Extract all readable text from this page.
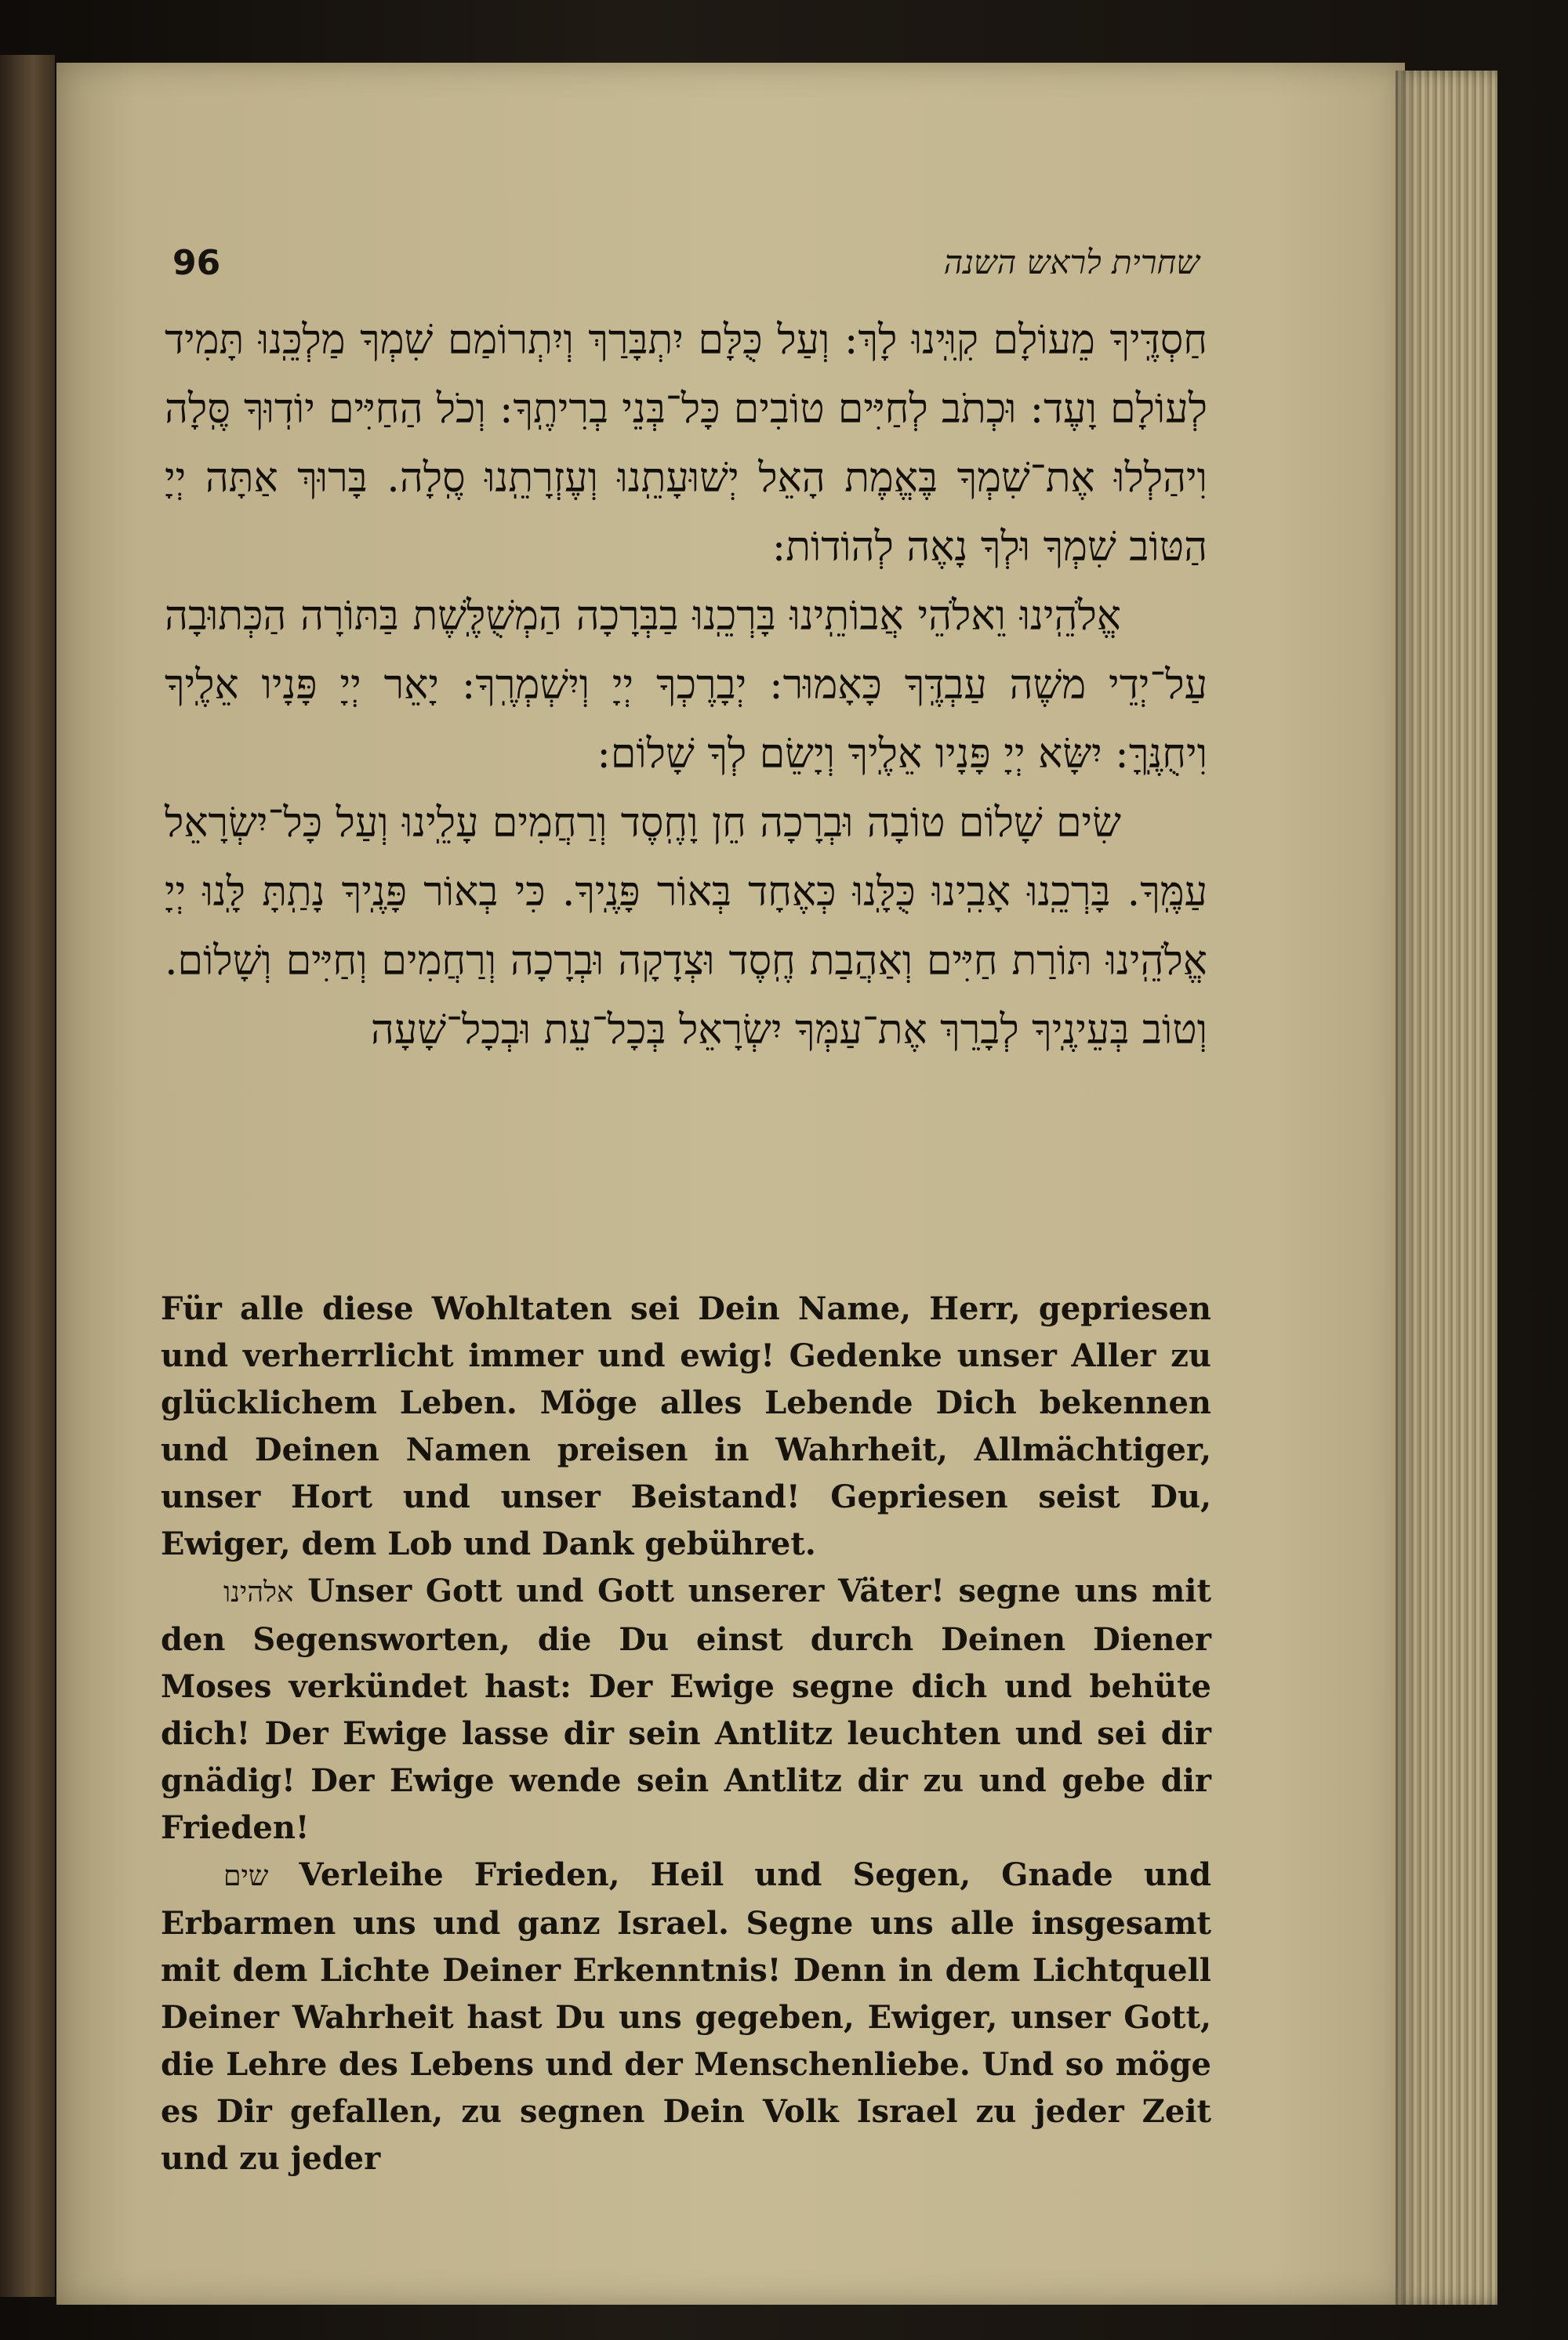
96	שחרית לראש השנה

חַסְדֶּֽיךָ מֵעוֹלָם קִוִּֽינוּ לָךְ: וְעַל כֻּלָּם יִתְבָּרַךְ וְיִתְרוֹמַם שִׁמְךָ מַלְכֵּֽנוּ תָּמִיד לְעוֹלָם וָעֶד: וּכְתֹב לְחַיִּים טוֹבִים כָּל־בְּנֵי בְרִיתֶֽךָ: וְכֹל הַחַיִּים יוֹדֽוּךָ סֶּֽלָה וִיהַלְלוּ אֶת־שִׁמְךָ בֶּאֱמֶת הָאֵל יְשׁוּעָתֵֽנוּ וְעֶזְרָתֵֽנוּ סֶֽלָה. בָּרוּךְ אַתָּה יְיָ הַטּוֹב שִׁמְךָ וּלְךָ נָאֶה לְהוֹדוֹת:

אֱלֹהֵֽינוּ וֵאלֹהֵי אֲבוֹתֵֽינוּ בָּרְכֵֽנוּ בַבְּרָכָה הַמְשֻׁלֶּֽשֶׁת בַּתּוֹרָה הַכְּתוּבָה עַל־יְדֵי משֶׁה עַבְדֶּֽךָ כָּאָמוּר: יְבָרֶכְךָ יְיָ וְיִשְׁמְרֶֽךָ: יָאֵר יְיָ פָּנָיו אֵלֶֽיךָ וִיחֻנֶּֽךָּ: יִשָּׂא יְיָ פָּנָיו אֵלֶֽיךָ וְיָשֵׂם לְךָ שָׁלוֹם:

שִׂים שָׁלוֹם טוֹבָה וּבְרָכָה חֵן וָחֶֽסֶד וְרַחֲמִים עָלֵֽינוּ וְעַל כָּל־יִשְׂרָאֵל עַמֶּֽךָ. בָּרְכֵֽנוּ אָבִֽינוּ כֻּלָּֽנוּ כְּאֶחָד בְּאוֹר פָּנֶֽיךָ. כִּי בְאוֹר פָּנֶֽיךָ נָתַֽתָּ לָּֽנוּ יְיָ אֱלֹהֵֽינוּ תּוֹרַת חַיִּים וְאַהֲבַת חֶֽסֶד וּצְדָקָה וּבְרָכָה וְרַחֲמִים וְחַיִּים וְשָׁלוֹם. וְטוֹב בְּעֵינֶֽיךָ לְבָרֵךְ אֶת־עַמְּךָ יִשְׂרָאֵל בְּכָל־עֵת וּבְכָל־שָׁעָה

Für alle diese Wohltaten sei Dein Name, Herr, gepriesen und verherrlicht immer und ewig! Gedenke unser Aller zu glücklichem Leben. Möge alles Lebende Dich bekennen und Deinen Namen preisen in Wahrheit, Allmächtiger, unser Hort und unser Beistand! Gepriesen seist Du, Ewiger, dem Lob und Dank gebühret.

אלהינו Unser Gott und Gott unserer Väter! segne uns mit den Segensworten, die Du einst durch Deinen Diener Moses verkündet hast: Der Ewige segne dich und behüte dich! Der Ewige lasse dir sein Antlitz leuchten und sei dir gnädig! Der Ewige wende sein Antlitz dir zu und gebe dir Frieden!

שים Verleihe Frieden, Heil und Segen, Gnade und Erbarmen uns und ganz Israel. Segne uns alle insgesamt mit dem Lichte Deiner Erkenntnis! Denn in dem Lichtquell Deiner Wahrheit hast Du uns gegeben, Ewiger, unser Gott, die Lehre des Lebens und der Menschenliebe. Und so möge es Dir gefallen, zu segnen Dein Volk Israel zu jeder Zeit und zu jeder
